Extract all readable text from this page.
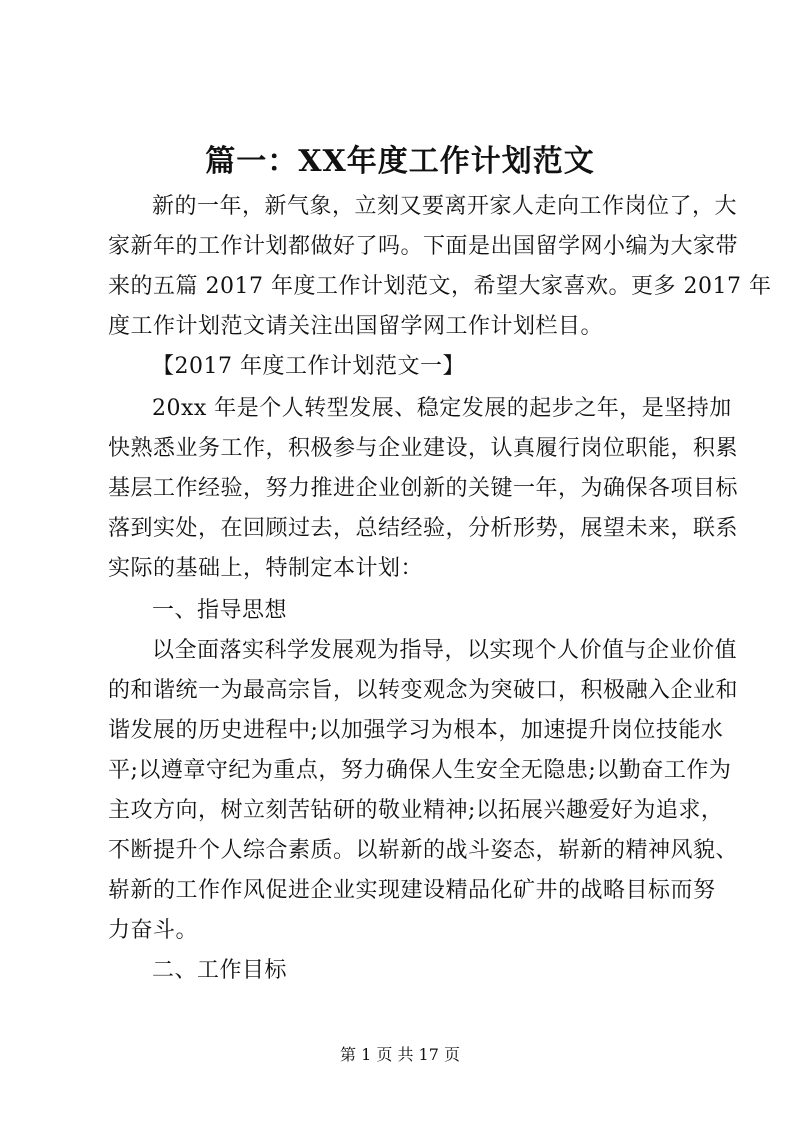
篇一：XX年度工作计划范文
新的一年，新气象，立刻又要离开家人走向工作岗位了，大
家新年的工作计划都做好了吗。下面是出国留学网小编为大家带
来的五篇 2017 年度工作计划范文，希望大家喜欢。更多 2017 年
度工作计划范文请关注出国留学网工作计划栏目。
【2017 年度工作计划范文一】
20xx 年是个人转型发展、稳定发展的起步之年，是坚持加
快熟悉业务工作，积极参与企业建设，认真履行岗位职能，积累
基层工作经验，努力推进企业创新的关键一年，为确保各项目标
落到实处，在回顾过去，总结经验，分析形势，展望未来，联系
实际的基础上，特制定本计划：
一、指导思想
以全面落实科学发展观为指导，以实现个人价值与企业价值
的和谐统一为最高宗旨，以转变观念为突破口，积极融入企业和
谐发展的历史进程中;以加强学习为根本，加速提升岗位技能水
平;以遵章守纪为重点，努力确保人生安全无隐患;以勤奋工作为
主攻方向，树立刻苦钻研的敬业精神;以拓展兴趣爱好为追求，
不断提升个人综合素质。以崭新的战斗姿态，崭新的精神风貌、
崭新的工作作风促进企业实现建设精品化矿井的战略目标而努
力奋斗。
二、工作目标
第 1 页 共 17 页
